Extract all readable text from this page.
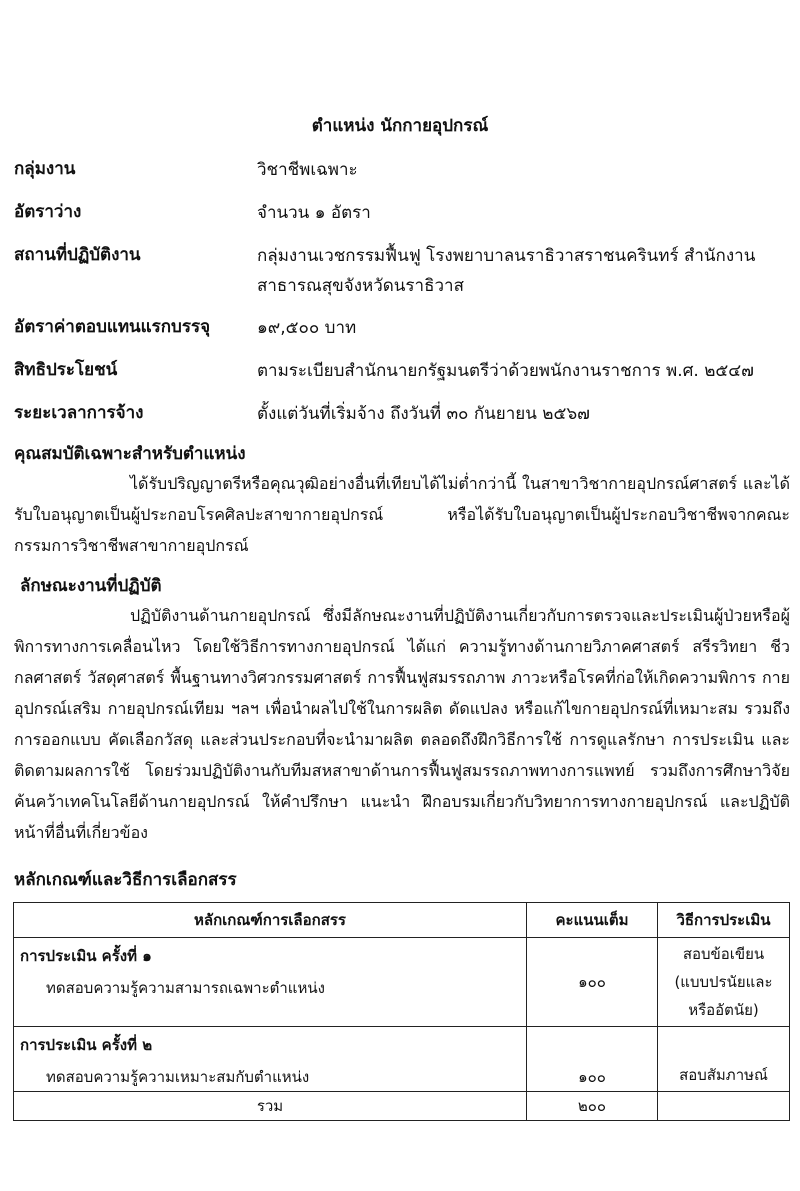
ตำแหน่ง นักกายอุปกรณ์
กลุ่มงาน	วิชาชีพเฉพาะ
อัตราว่าง	จำนวน ๑ อัตรา
สถานที่ปฏิบัติงาน	กลุ่มงานเวชกรรมฟื้นฟู โรงพยาบาลนราธิวาสราชนครินทร์ สำนักงานสาธารณสุขจังหวัดนราธิวาส
อัตราค่าตอบแทนแรกบรรจุ	๑๙,๕๐๐ บาท
สิทธิประโยชน์	ตามระเบียบสำนักนายกรัฐมนตรีว่าด้วยพนักงานราชการ พ.ศ. ๒๕๔๗
ระยะเวลาการจ้าง	ตั้งแต่วันที่เริ่มจ้าง ถึงวันที่ ๓๐ กันยายน ๒๕๖๗
คุณสมบัติเฉพาะสำหรับตำแหน่ง
ได้รับปริญญาตรีหรือคุณวุฒิอย่างอื่นที่เทียบได้ไม่ต่ำกว่านี้ ในสาขาวิชากายอุปกรณ์ศาสตร์ และได้รับใบอนุญาตเป็นผู้ประกอบโรคศิลปะสาขากายอุปกรณ์ หรือได้รับใบอนุญาตเป็นผู้ประกอบวิชาชีพจากคณะกรรมการวิชาชีพสาขากายอุปกรณ์
ลักษณะงานที่ปฏิบัติ
ปฏิบัติงานด้านกายอุปกรณ์ ซึ่งมีลักษณะงานที่ปฏิบัติงานเกี่ยวกับการตรวจและประเมินผู้ป่วยหรือผู้พิการทางการเคลื่อนไหว โดยใช้วิธีการทางกายอุปกรณ์ ได้แก่ ความรู้ทางด้านกายวิภาคศาสตร์ สรีรวิทยา ชีวกลศาสตร์ วัสดุศาสตร์ พื้นฐานทางวิศวกรรมศาสตร์ การฟื้นฟูสมรรถภาพ ภาวะหรือโรคที่ก่อให้เกิดความพิการ กายอุปกรณ์เสริม กายอุปกรณ์เทียม ฯลฯ เพื่อนำผลไปใช้ในการผลิต ดัดแปลง หรือแก้ไขกายอุปกรณ์ที่เหมาะสม รวมถึงการออกแบบ คัดเลือกวัสดุ และส่วนประกอบที่จะนำมาผลิต ตลอดถึงฝึกวิธีการใช้ การดูแลรักษา การประเมิน และติดตามผลการใช้ โดยร่วมปฏิบัติงานกับทีมสหสาขาด้านการฟื้นฟูสมรรถภาพทางการแพทย์ รวมถึงการศึกษาวิจัย ค้นคว้าเทคโนโลยีด้านกายอุปกรณ์ ให้คำปรึกษา แนะนำ ฝึกอบรมเกี่ยวกับวิทยาการทางกายอุปกรณ์ และปฏิบัติหน้าที่อื่นที่เกี่ยวข้อง
หลักเกณฑ์และวิธีการเลือกสรร
หลักเกณฑ์การเลือกสรร	คะแนนเต็ม	วิธีการประเมิน

การประเมิน ครั้งที่ ๑
ทดสอบความรู้ความสามารถเฉพาะตำแหน่ง	๑๐๐	สอบข้อเขียน
(แบบปรนัยและ
หรืออัตนัย)

การประเมิน ครั้งที่ ๒
ทดสอบความรู้ความเหมาะสมกับตำแหน่ง	๑๐๐	สอบสัมภาษณ์

รวม	๒๐๐	
